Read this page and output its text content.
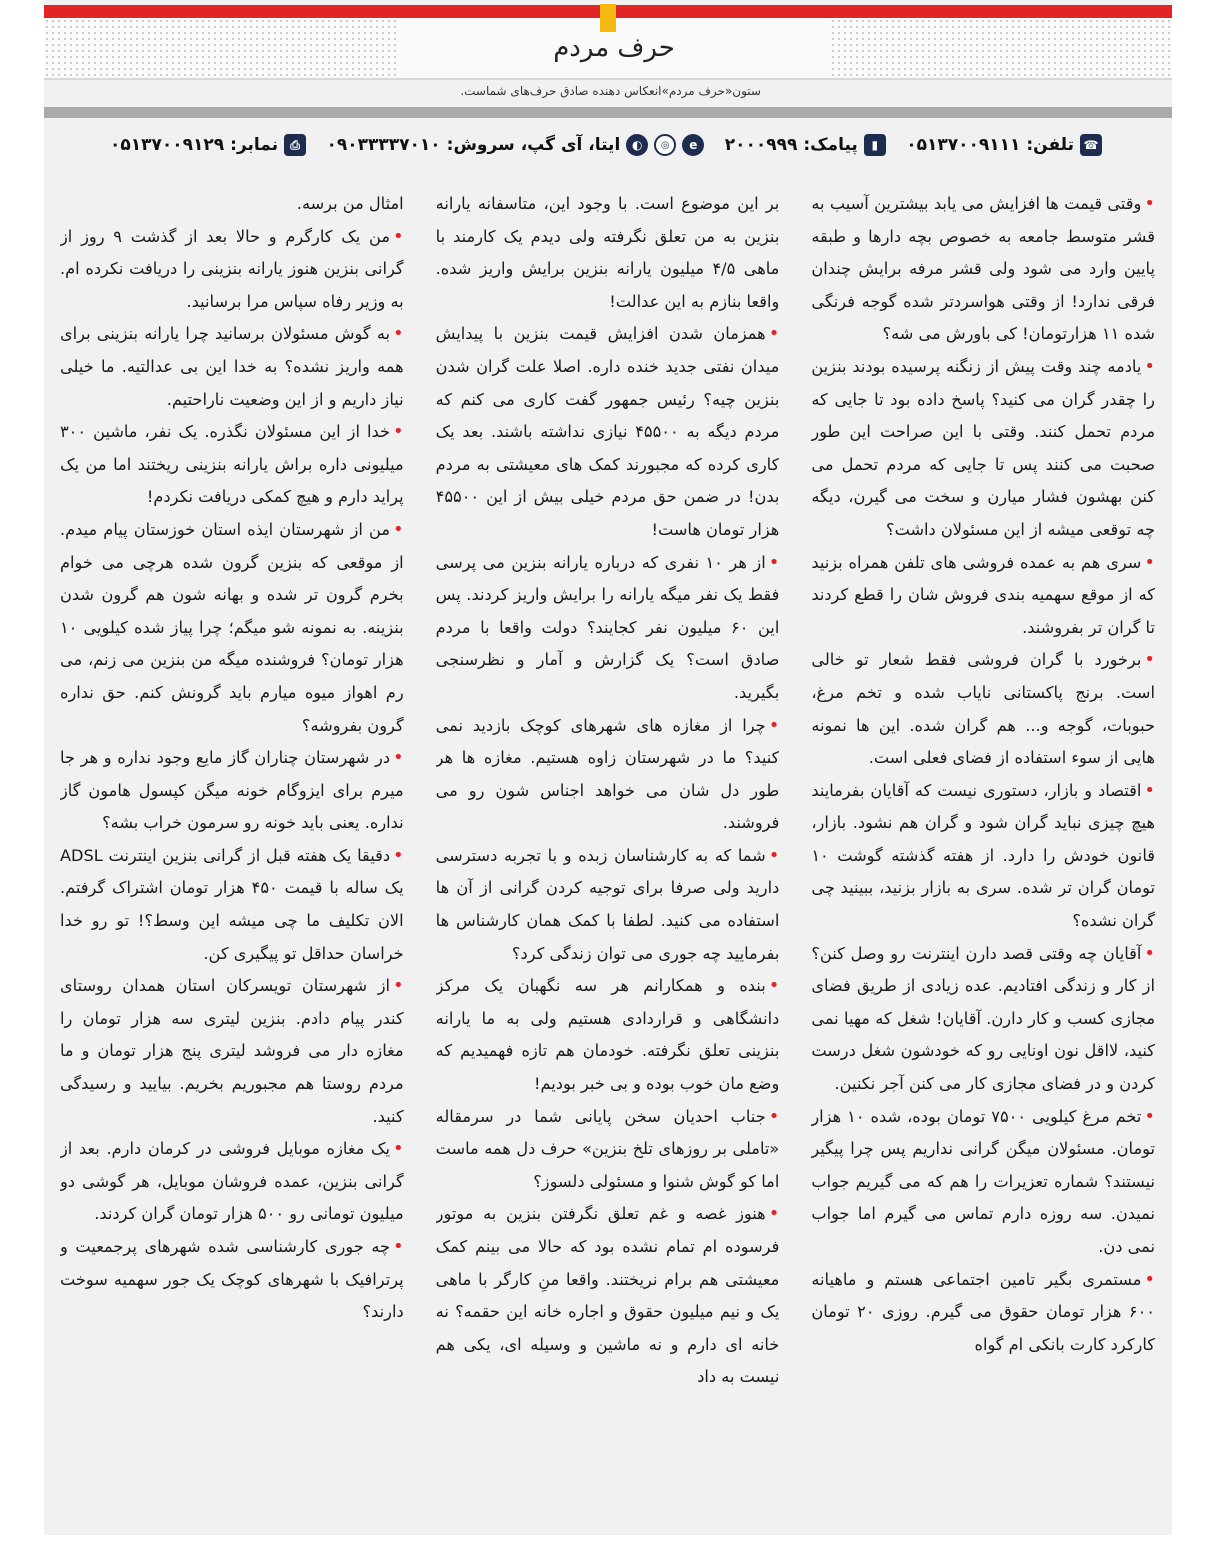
حرف مردم
ستون«حرف مردم»انعکاس دهنده صادق حرف‌های شماست.
☎
تلفن:
۰۵۱۳۷۰۰۹۱۱۱
▮
پیامک:
۲۰۰۰۹۹۹
e
◎
◐
ایتا، آی گپ، سروش:
۰۹۰۳۳۳۳۷۰۱۰
⎙
نمابر:
۰۵۱۳۷۰۰۹۱۲۹

•وقتی قیمت ها افزایش می یابد بیشترین آسیب به قشر متوسط جامعه به خصوص بچه دارها و طبقه پایین وارد می شود ولی قشر مرفه برایش چندان فرقی ندارد! از وقتی هواسردتر شده گوجه فرنگی شده ۱۱ هزارتومان! کی باورش می شه؟

•یادمه چند وقت پیش از زنگنه پرسیده بودند بنزین را چقدر گران می کنید؟ پاسخ داده بود تا جایی که مردم تحمل کنند. وقتی با این صراحت این طور صحبت می کنند پس تا جایی که مردم تحمل می کنن بهشون فشار میارن و سخت می گیرن، دیگه چه توقعی میشه از این مسئولان داشت؟

•سری هم به عمده فروشی های تلفن همراه بزنید که از موقع سهمیه بندی فروش شان را قطع کردند تا گران تر بفروشند.

•برخورد با گران فروشی فقط شعار تو خالی است. برنج پاکستانی نایاب شده و تخم مرغ، حبوبات، گوجه و... هم گران شده. این ها نمونه هایی از سوء استفاده از فضای فعلی است.

•اقتصاد و بازار، دستوری نیست که آقایان بفرمایند هیچ چیزی نباید گران شود و گران هم نشود. بازار، قانون خودش را دارد. از هفته گذشته گوشت ۱۰ تومان گران تر شده. سری به بازار بزنید، ببینید چی گران نشده؟

•آقایان چه وقتی قصد دارن اینترنت رو وصل کنن؟ از کار و زندگی افتادیم. عده زیادی از طریق فضای مجازی کسب و کار دارن. آقایان! شغل که مهیا نمی کنید، لااقل نون اونایی رو که خودشون شغل درست کردن و در فضای مجازی کار می کنن آجر نکنین.

•تخم مرغ کیلویی ۷۵۰۰ تومان بوده، شده ۱۰ هزار تومان. مسئولان میگن گرانی نداریم پس چرا پیگیر نیستند؟ شماره تعزیرات را هم که می گیریم جواب نمیدن. سه روزه دارم تماس می گیرم اما جواب نمی دن.

•مستمری بگیر تامین اجتماعی هستم و ماهیانه ۶۰۰ هزار تومان حقوق می گیرم. روزی ۲۰ تومان کارکرد کارت بانکی ام گواه

بر این موضوع است. با وجود این، متاسفانه یارانه بنزین به من تعلق نگرفته ولی دیدم یک کارمند با ماهی ۴/۵ میلیون یارانه بنزین برایش واریز شده. واقعا بنازم به این عدالت!

•همزمان شدن افزایش قیمت بنزین با پیدایش میدان نفتی جدید خنده داره. اصلا علت گران شدن بنزین چیه؟ رئیس جمهور گفت کاری می کنم که مردم دیگه به ۴۵۵۰۰ نیازی نداشته باشند. بعد یک کاری کرده که مجبورند کمک های معیشتی به مردم بدن! در ضمن حق مردم خیلی بیش از این ۴۵۵۰۰ هزار تومان هاست!

•از هر ۱۰ نفری که درباره یارانه بنزین می پرسی فقط یک نفر میگه یارانه را برایش واریز کردند. پس این ۶۰ میلیون نفر کجایند؟ دولت واقعا با مردم صادق است؟ یک گزارش و آمار و نظرسنجی بگیرید.

•چرا از مغازه های شهرهای کوچک بازدید نمی کنید؟ ما در شهرستان زاوه هستیم. مغازه ها هر طور دل شان می خواهد اجناس شون رو می فروشند.

•شما که به کارشناسان زبده و با تجربه دسترسی دارید ولی صرفا برای توجیه کردن گرانی از آن ها استفاده می کنید. لطفا با کمک همان کارشناس ها بفرمایید چه جوری می توان زندگی کرد؟

•بنده و همکارانم هر سه نگهبان یک مرکز دانشگاهی و قراردادی هستیم ولی به ما یارانه بنزینی تعلق نگرفته. خودمان هم تازه فهمیدیم که وضع مان خوب بوده و بی خبر بودیم!

•جناب احدیان سخن پایانی شما در سرمقاله «تاملی بر روزهای تلخ بنزین» حرف دل همه ماست اما کو گوش شنوا و مسئولی دلسوز؟

•هنوز غصه و غم تعلق نگرفتن بنزین به موتور فرسوده ام تمام نشده بود که حالا می بینم کمک معیشتی هم برام نریختند. واقعا منِ کارگر با ماهی یک و نیم میلیون حقوق و اجاره خانه این حقمه؟ نه خانه ای دارم و نه ماشین و وسیله ای، یکی هم نیست به داد

امثال من برسه.

•من یک کارگرم و حالا بعد از گذشت ۹ روز از گرانی بنزین هنوز یارانه بنزینی را دریافت نکرده ام. به وزیر رفاه سپاس مرا برسانید.

•به گوش مسئولان برسانید چرا یارانه بنزینی برای همه واریز نشده؟ به خدا این بی عدالتیه. ما خیلی نیاز داریم و از این وضعیت ناراحتیم.

•خدا از این مسئولان نگذره. یک نفر، ماشین ۳۰۰ میلیونی داره براش یارانه بنزینی ریختند اما من یک پراید دارم و هیچ کمکی دریافت نکردم!

•من از شهرستان ایذه استان خوزستان پیام میدم. از موقعی که بنزین گرون شده هرچی می خوام بخرم گرون تر شده و بهانه شون هم گرون شدن بنزینه. به نمونه شو میگم؛ چرا پیاز شده کیلویی ۱۰ هزار تومان؟ فروشنده میگه من بنزین می زنم، می رم اهواز میوه میارم باید گرونش کنم. حق نداره گرون بفروشه؟

•در شهرستان چناران گاز مایع وجود نداره و هر جا میرم برای ایزوگام خونه میگن کپسول هامون گاز نداره. یعنی باید خونه رو سرمون خراب بشه؟

•دقیقا یک هفته قبل از گرانی بنزین اینترنت ADSL یک ساله با قیمت ۴۵۰ هزار تومان اشتراک گرفتم. الان تکلیف ما چی میشه این وسط؟! تو رو خدا خراسان حداقل تو پیگیری کن.

•از شهرستان تویسرکان استان همدان روستای کندر پیام دادم. بنزین لیتری سه هزار تومان را مغازه دار می فروشد لیتری پنج هزار تومان و ما مردم روستا هم مجبوریم بخریم. بیایید و رسیدگی کنید.

•یک مغازه موبایل فروشی در کرمان دارم. بعد از گرانی بنزین، عمده فروشان موبایل، هر گوشی دو میلیون تومانی رو ۵۰۰ هزار تومان گران کردند.

•چه جوری کارشناسی شده شهرهای پرجمعیت و پرترافیک با شهرهای کوچک یک جور سهمیه سوخت دارند؟
